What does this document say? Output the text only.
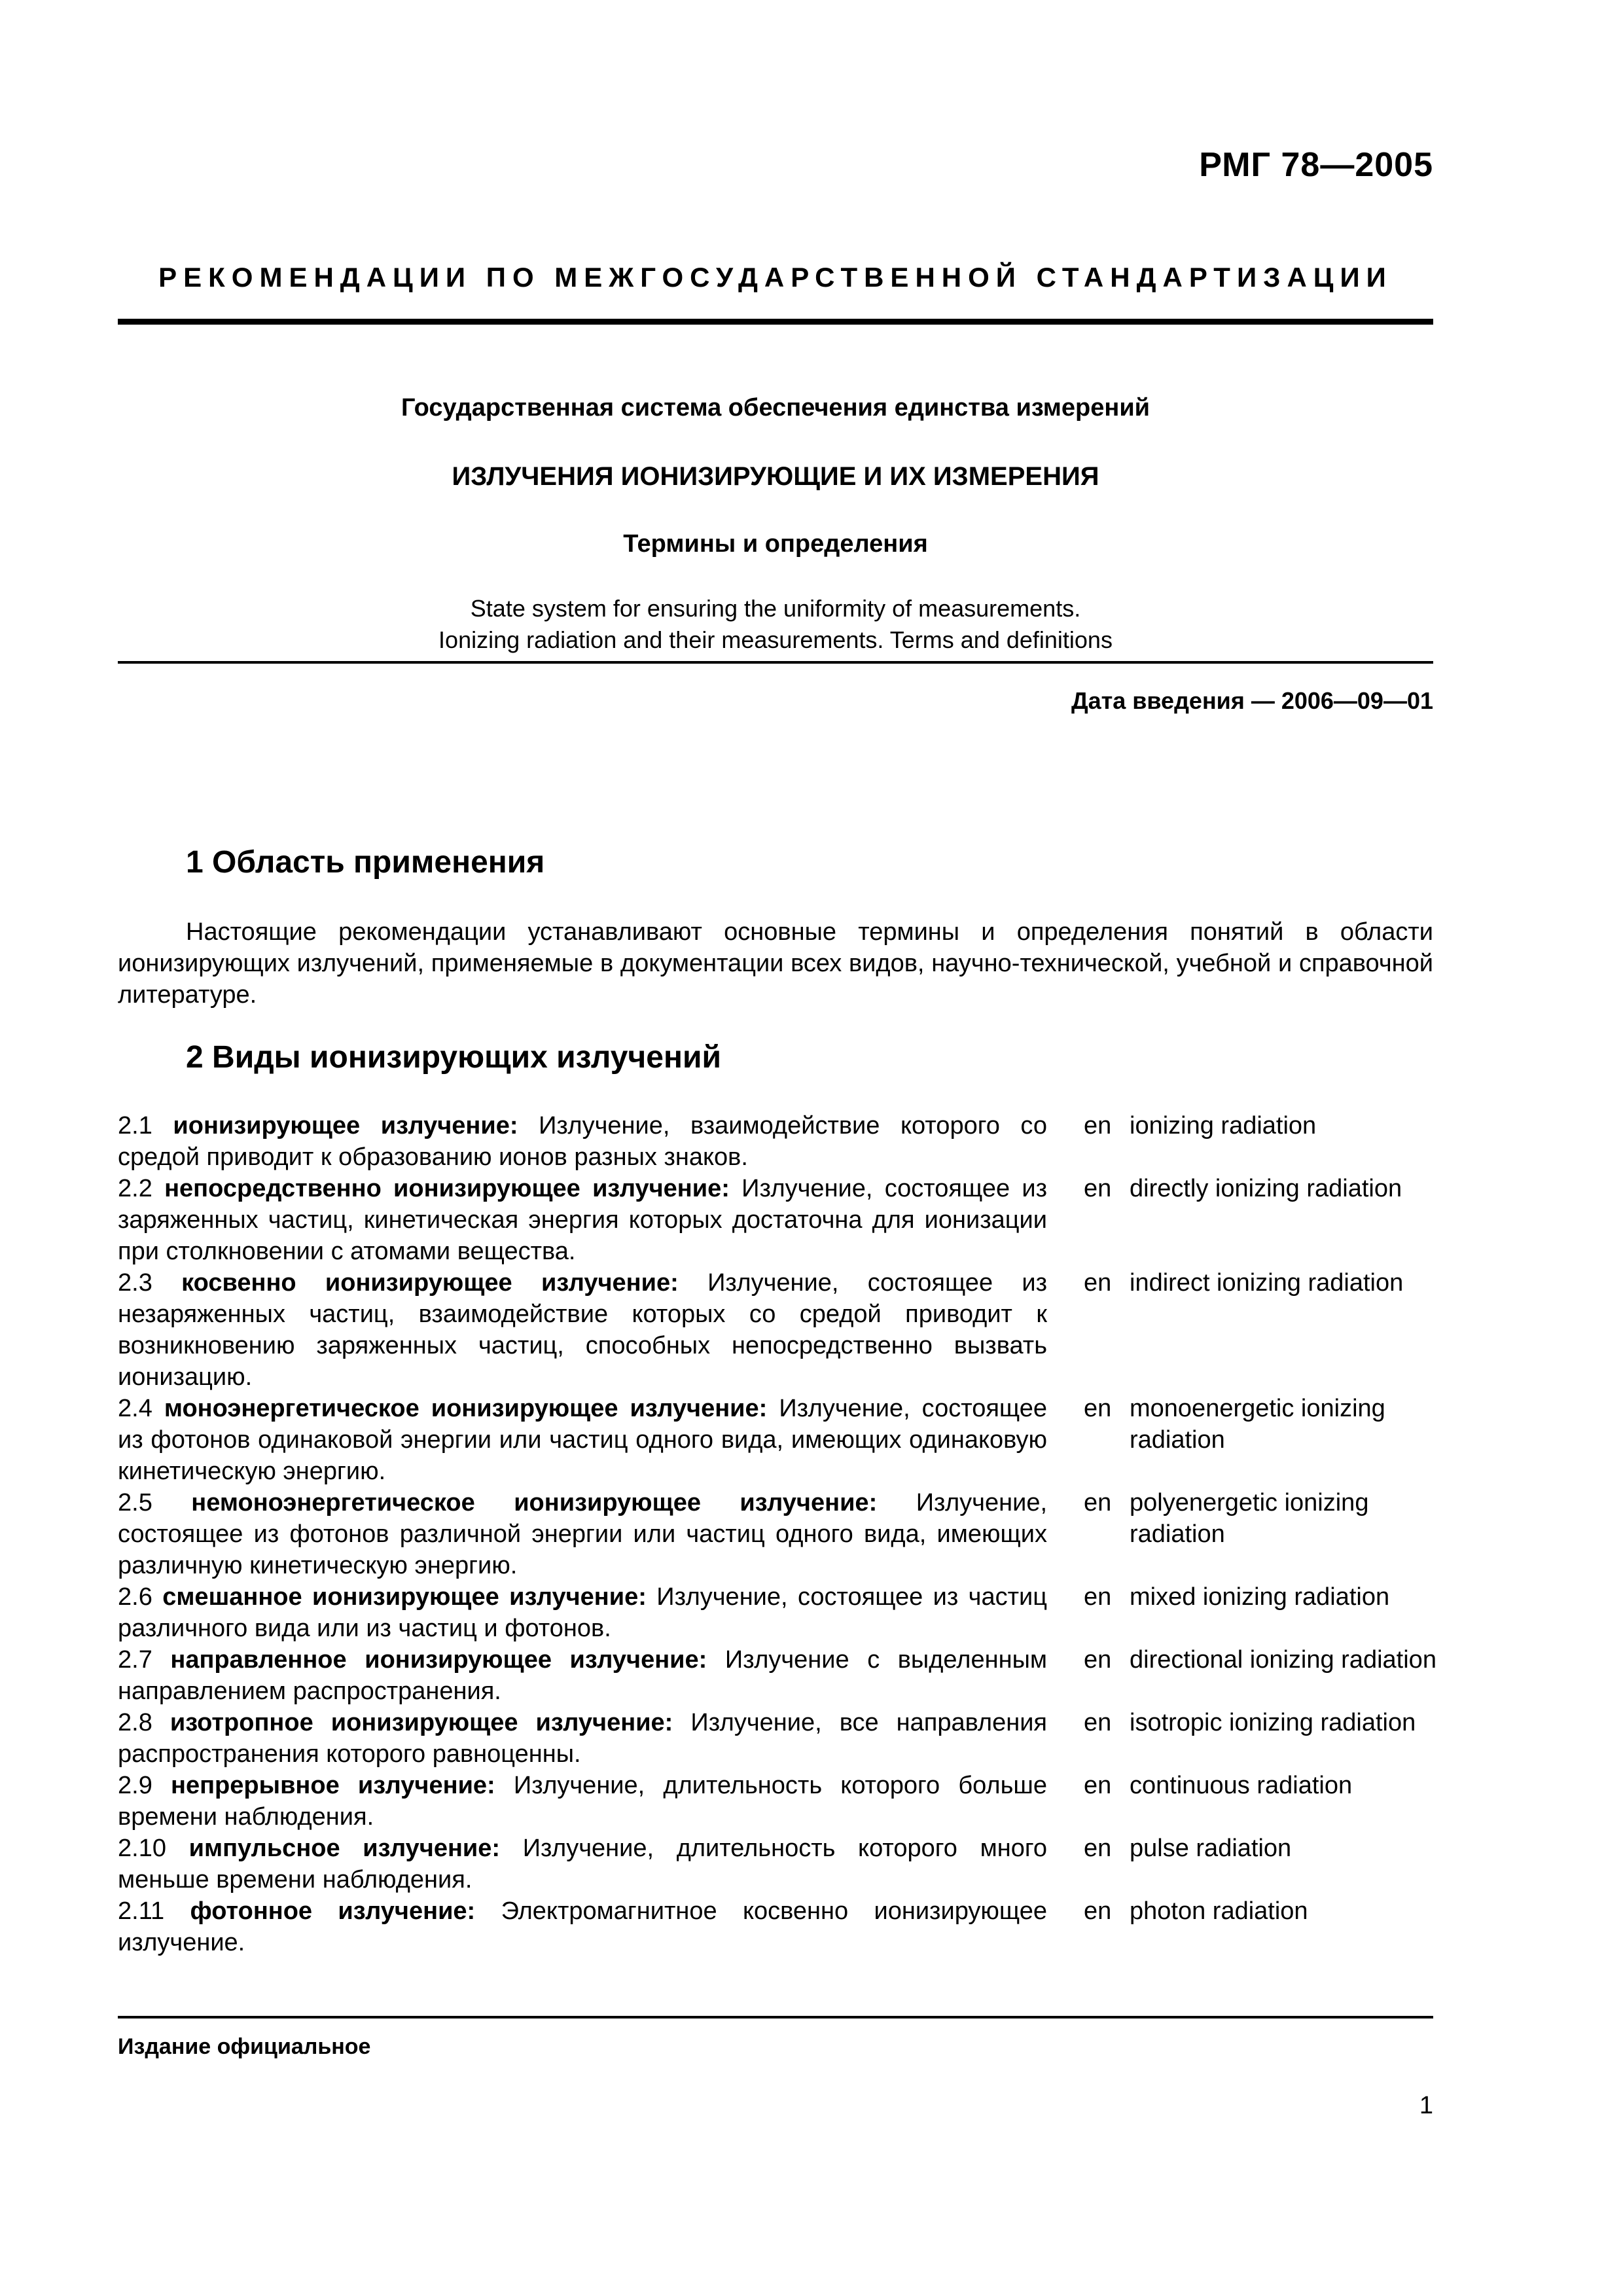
РМГ 78—2005
РЕКОМЕНДАЦИИ ПО МЕЖГОСУДАРСТВЕННОЙ СТАНДАРТИЗАЦИИ
Государственная система обеспечения единства измерений
ИЗЛУЧЕНИЯ ИОНИЗИРУЮЩИЕ И ИХ ИЗМЕРЕНИЯ
Термины и определения
State system for ensuring the uniformity of measurements.
Ionizing radiation and their measurements. Terms and definitions
Дата введения — 2006—09—01
1 Область применения

Настоящие рекомендации устанавливают основные термины и определения понятий в области ионизирующих излучений, применяемые в документации всех видов, научно-технической, учебной и справочной литературе.

2 Виды ионизирующих излучений

2.1 ионизирующее излучение: Излучение, взаимодействие которого со средой приводит к образованию ионов разных знаков.

en ionizing radiation

2.2 непосредственно ионизирующее излучение: Излучение, состоящее из заряженных частиц, кинетическая энергия которых достаточна для ионизации при столкновении с атомами вещества.

en directly ionizing radiation

2.3 косвенно ионизирующее излучение: Излучение, состоящее из незаряженных частиц, взаимодействие которых со средой приводит к возникновению заряженных частиц, способных непосредственно вызвать ионизацию.

en indirect ionizing radiation

2.4 моноэнергетическое ионизирующее излучение: Излучение, состоящее из фотонов одинаковой энергии или частиц одного вида, имеющих одинаковую кинетическую энергию.

en monoenergetic ionizing radiation

2.5 немоноэнергетическое ионизирующее излучение: Излучение, состоящее из фотонов различной энергии или частиц одного вида, имеющих различную кинетическую энергию.

en polyenergetic ionizing radiation

2.6 смешанное ионизирующее излучение: Излучение, состоящее из частиц различного вида или из частиц и фотонов.

en mixed ionizing radiation

2.7 направленное ионизирующее излучение: Излучение с выделенным направлением распространения.

en directional ionizing radiation

2.8 изотропное ионизирующее излучение: Излучение, все направления распространения которого равноценны.

en isotropic ionizing radiation

2.9 непрерывное излучение: Излучение, длительность которого больше времени наблюдения.

en continuous radiation

2.10 импульсное излучение: Излучение, длительность которого много меньше времени наблюдения.

en pulse radiation

2.11 фотонное излучение: Электромагнитное косвенно ионизирующее излучение.

en photon radiation
Издание официальное
1
